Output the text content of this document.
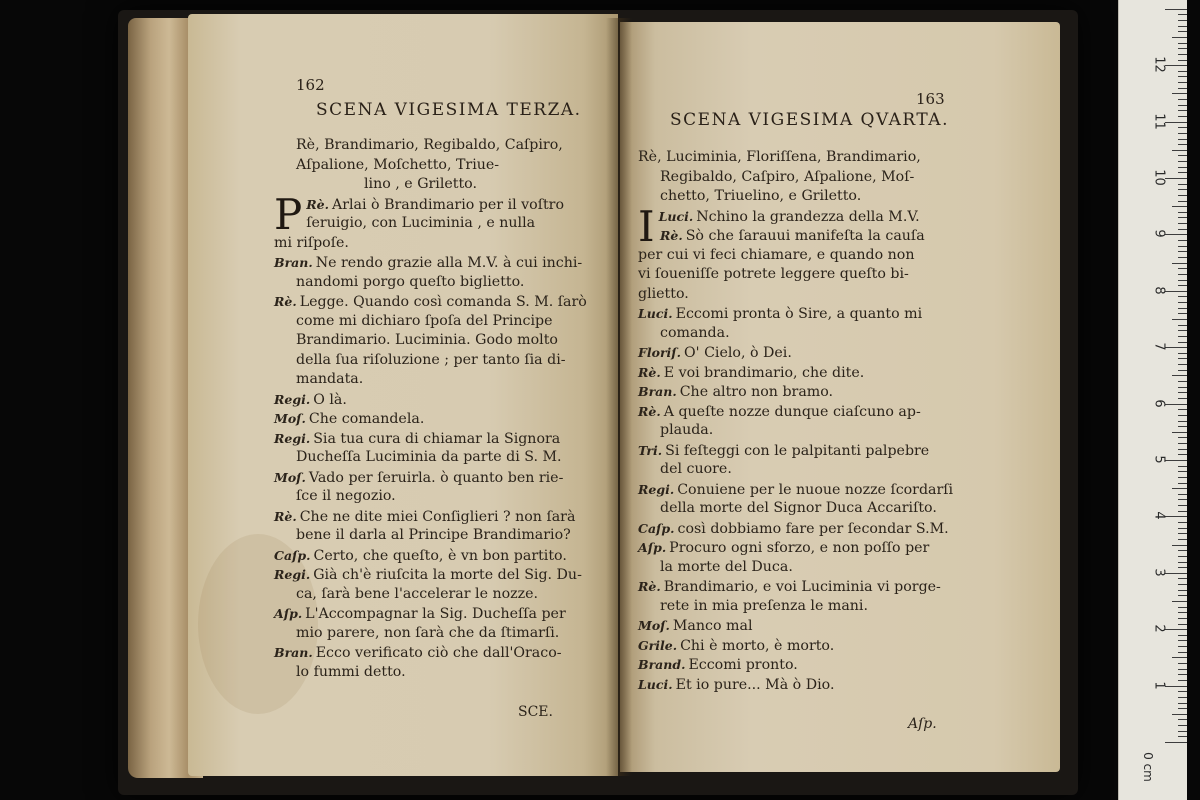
162
SCENA VIGESIMA TERZA.
Rè, Brandimario, Regibaldo, Caſpiro,
Aſpalione, Moſchetto, Triue-
lino , e Griletto.
Rè.
P Arlai ò Brandimario per il voſtro
ſeruigio, con Luciminia , e nulla
mi riſpoſe.
Bran. Ne rendo grazie alla M.V. à cui inchi-
nandomi porgo queſto biglietto.
Rè. Legge. Quando così comanda S. M. ſarò
come mi dichiaro ſpoſa del Principe
Brandimario. Luciminia. Godo molto
della ſua riſoluzione ; per tanto ſia di-
mandata.
Regi. O là.
Moſ. Che comandela.
Regi. Sia tua cura di chiamar la Signora
Ducheſſa Luciminia da parte di S. M.
Moſ. Vado per ſeruirla. ò quanto ben rie-
ſce il negozio.
Rè. Che ne dite miei Conſiglieri ? non ſarà
bene il darla al Principe Brandimario?
Caſp. Certo, che queſto, è vn bon partito.
Regi. Già ch'è riuſcita la morte del Sig. Du-
ca, ſarà bene l'accelerar le nozze.
Aſp. L'Accompagnar la Sig. Ducheſſa per
mio parere, non ſarà che da ſtimarſi.
Bran. Ecco verificato ciò che dall'Oraco-
lo fummi detto.
SCE.
163
SCENA VIGESIMA QVARTA.
Rè, Luciminia, Floriſſena, Brandimario,
Regibaldo, Caſpiro, Aſpalione, Moſ-
chetto, Triuelino, e Griletto.
Luci.
I	Nchino la grandezza della M.V.
Rè. Sò che ſarauui manifeſta la cauſa
per cui vi feci chiamare, e quando non
vi ſoueniſſe potrete leggere queſto bi-
glietto.
Luci. Eccomi pronta ò Sire, a quanto mi
comanda.
Floriſ. O' Cielo, ò Dei.
Rè. E voi brandimario, che dite.
Bran. Che altro non bramo.
Rè. A queſte nozze dunque ciaſcuno ap-
plauda.
Tri. Si feſteggi con le palpitanti palpebre
del cuore.
Regi. Conuiene per le nuoue nozze ſcordarſi
della morte del Signor Duca Accariſto.
Caſp. così dobbiamo fare per ſecondar S.M.
Aſp. Procuro ogni sforzo, e non poſſo per
la morte del Duca.
Rè. Brandimario, e voi Luciminia vi porge-
rete in mia preſenza le mani.
Moſ. Manco mal
Grile. Chi è morto, è morto.
Brand. Eccomi pronto.
Luci. Et io pure... Mà ò Dio.
Aſp.
0 cm
1
2
3
4
5
6
7
8
9
10
11
12
